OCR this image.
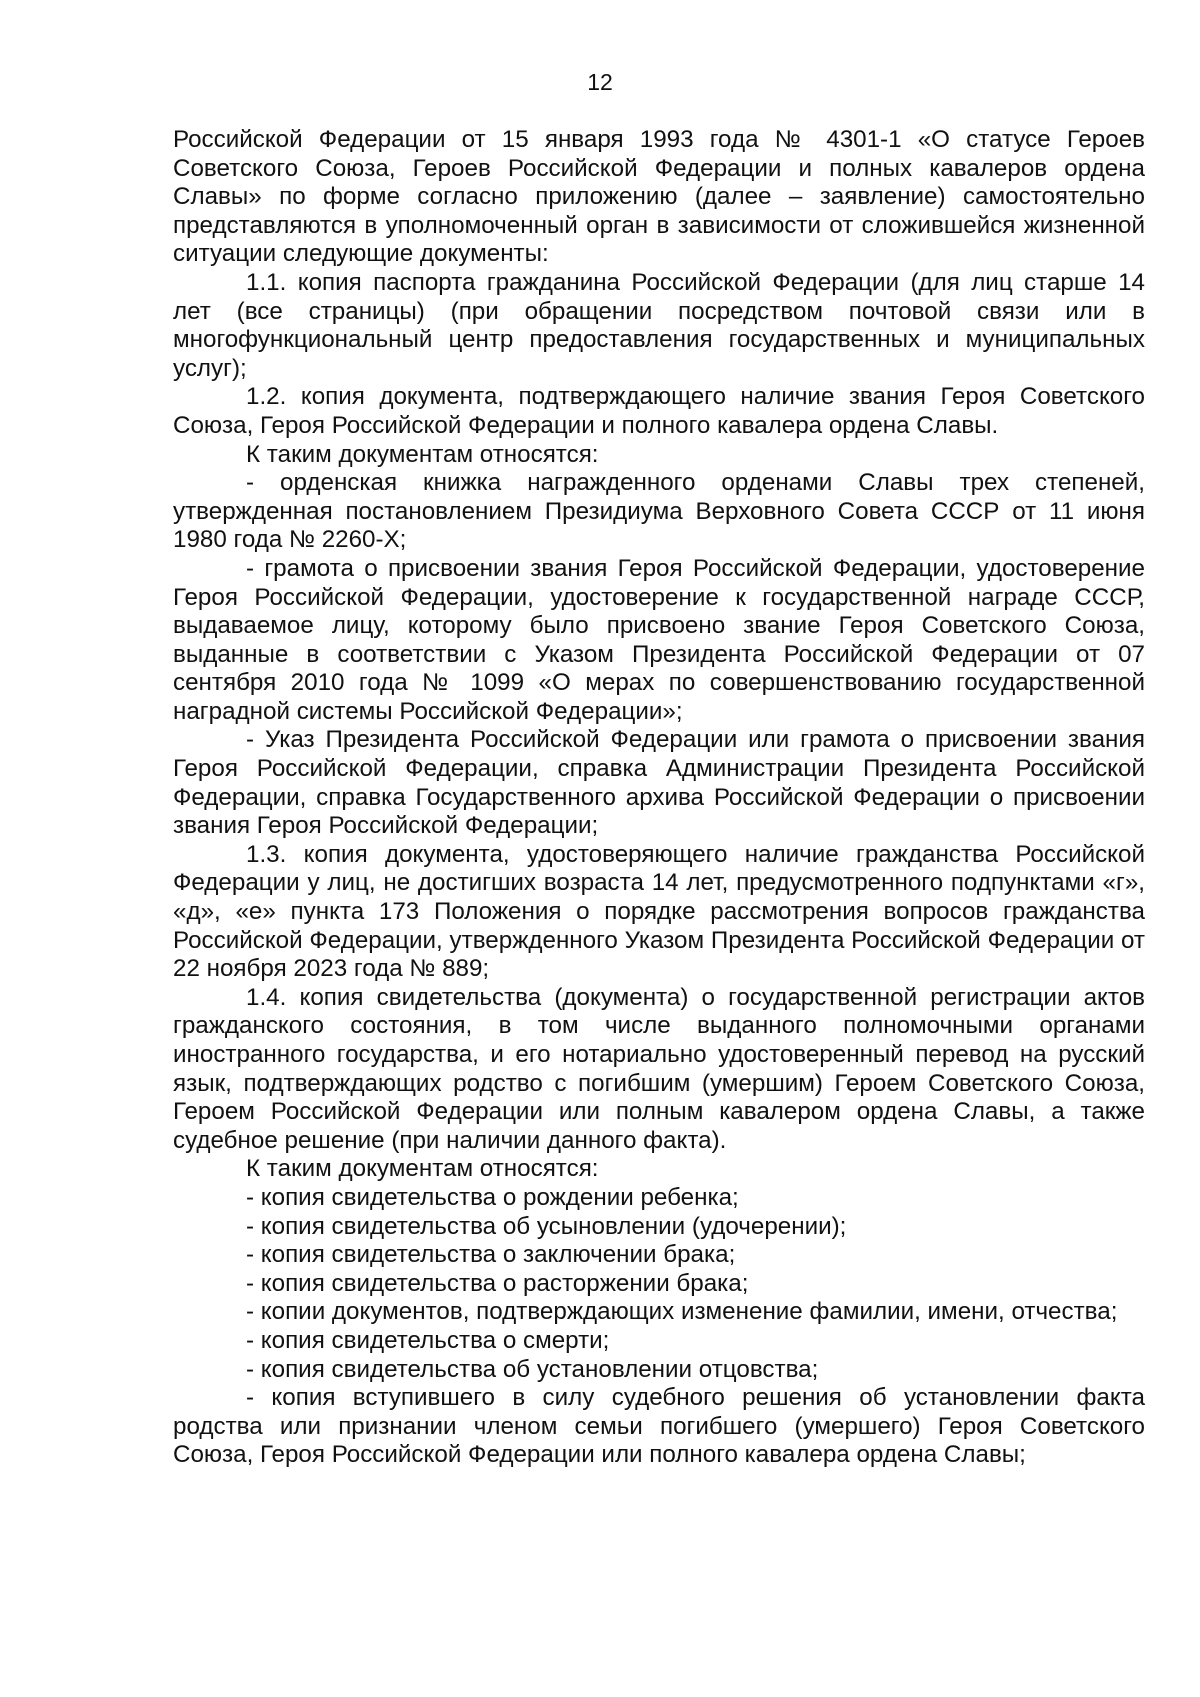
12

Российской Федерации от 15 января 1993 года № 4301-1 «О статусе Героев Советского Союза, Героев Российской Федерации и полных кавалеров ордена Славы» по форме согласно приложению (далее – заявление) самостоятельно представляются в уполномоченный орган в зависимости от сложившейся жизненной ситуации следующие документы:

1.1. копия паспорта гражданина Российской Федерации (для лиц старше 14 лет (все страницы) (при обращении посредством почтовой связи или в многофункциональный центр предоставления государственных и муниципальных услуг);

1.2. копия документа, подтверждающего наличие звания Героя Советского Союза, Героя Российской Федерации и полного кавалера ордена Славы.

К таким документам относятся:

- орденская книжка награжденного орденами Славы трех степеней, утвержденная постановлением Президиума Верховного Совета СССР от 11 июня 1980 года № 2260-X;

- грамота о присвоении звания Героя Российской Федерации, удостоверение Героя Российской Федерации, удостоверение к государственной награде СССР, выдаваемое лицу, которому было присвоено звание Героя Советского Союза, выданные в соответствии с Указом Президента Российской Федерации от 07 сентября 2010 года № 1099 «О мерах по совершенствованию государственной наградной системы Российской Федерации»;

- Указ Президента Российской Федерации или грамота о присвоении звания Героя Российской Федерации, справка Администрации Президента Российской Федерации, справка Государственного архива Российской Федерации о присвоении звания Героя Российской Федерации;

1.3. копия документа, удостоверяющего наличие гражданства Российской Федерации у лиц, не достигших возраста 14 лет, предусмотренного подпунктами «г», «д», «е» пункта 173 Положения о порядке рассмотрения вопросов гражданства Российской Федерации, утвержденного Указом Президента Российской Федерации от 22 ноября 2023 года № 889;

1.4. копия свидетельства (документа) о государственной регистрации актов гражданского состояния, в том числе выданного полномочными органами иностранного государства, и его нотариально удостоверенный перевод на русский язык, подтверждающих родство с погибшим (умершим) Героем Советского Союза, Героем Российской Федерации или полным кавалером ордена Славы, а также судебное решение (при наличии данного факта).

К таким документам относятся:

- копия свидетельства о рождении ребенка;

- копия свидетельства об усыновлении (удочерении);

- копия свидетельства о заключении брака;

- копия свидетельства о расторжении брака;

- копии документов, подтверждающих изменение фамилии, имени, отчества;

- копия свидетельства о смерти;

- копия свидетельства об установлении отцовства;

- копия вступившего в силу судебного решения об установлении факта родства или признании членом семьи погибшего (умершего) Героя Советского Союза, Героя Российской Федерации или полного кавалера ордена Славы;
